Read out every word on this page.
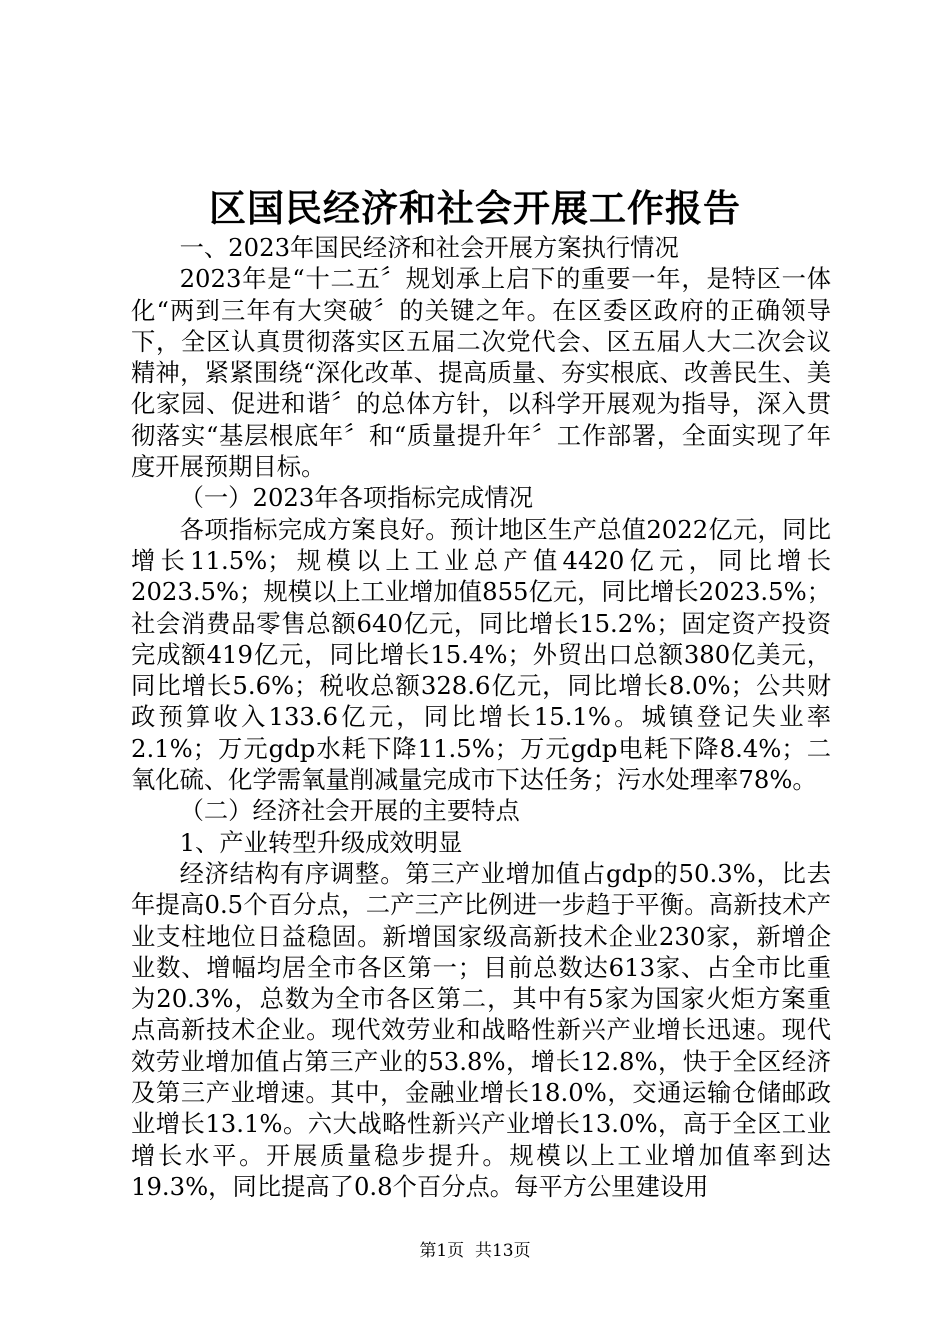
区国民经济和社会开展工作报告

一、2023年国民经济和社会开展方案执行情况

2023年是“十二五〞规划承上启下的重要一年，是特区一体化“两到三年有大突破〞的关键之年。在区委区政府的正确领导下，全区认真贯彻落实区五届二次党代会、区五届人大二次会议精神，紧紧围绕“深化改革、提高质量、夯实根底、改善民生、美化家园、促进和谐〞的总体方针，以科学开展观为指导，深入贯彻落实“基层根底年〞和“质量提升年〞工作部署，全面实现了年度开展预期目标。

（一）2023年各项指标完成情况

各项指标完成方案良好。预计地区生产总值2022亿元，同比增长11.5%；规模以上工业总产值4420亿元，同比增长2023.5%；规模以上工业增加值855亿元，同比增长2023.5%；社会消费品零售总额640亿元，同比增长15.2%；固定资产投资完成额419亿元，同比增长15.4%；外贸出口总额380亿美元，同比增长5.6%；税收总额328.6亿元，同比增长8.0%；公共财政预算收入133.6亿元，同比增长15.1%。城镇登记失业率2.1%；万元gdp水耗下降11.5%；万元gdp电耗下降8.4%；二氧化硫、化学需氧量削减量完成市下达任务；污水处理率78%。

（二）经济社会开展的主要特点

1、产业转型升级成效明显

经济结构有序调整。第三产业增加值占gdp的50.3%，比去年提高0.5个百分点，二产三产比例进一步趋于平衡。高新技术产业支柱地位日益稳固。新增国家级高新技术企业230家，新增企业数、增幅均居全市各区第一；目前总数达613家、占全市比重为20.3%，总数为全市各区第二，其中有5家为国家火炬方案重点高新技术企业。现代效劳业和战略性新兴产业增长迅速。现代效劳业增加值占第三产业的53.8%，增长12.8%，快于全区经济及第三产业增速。其中，金融业增长18.0%，交通运输仓储邮政业增长13.1%。六大战略性新兴产业增长13.0%，高于全区工业增长水平。开展质量稳步提升。规模以上工业增加值率到达19.3%，同比提高了0.8个百分点。每平方公里建设用

第1页  共13页
